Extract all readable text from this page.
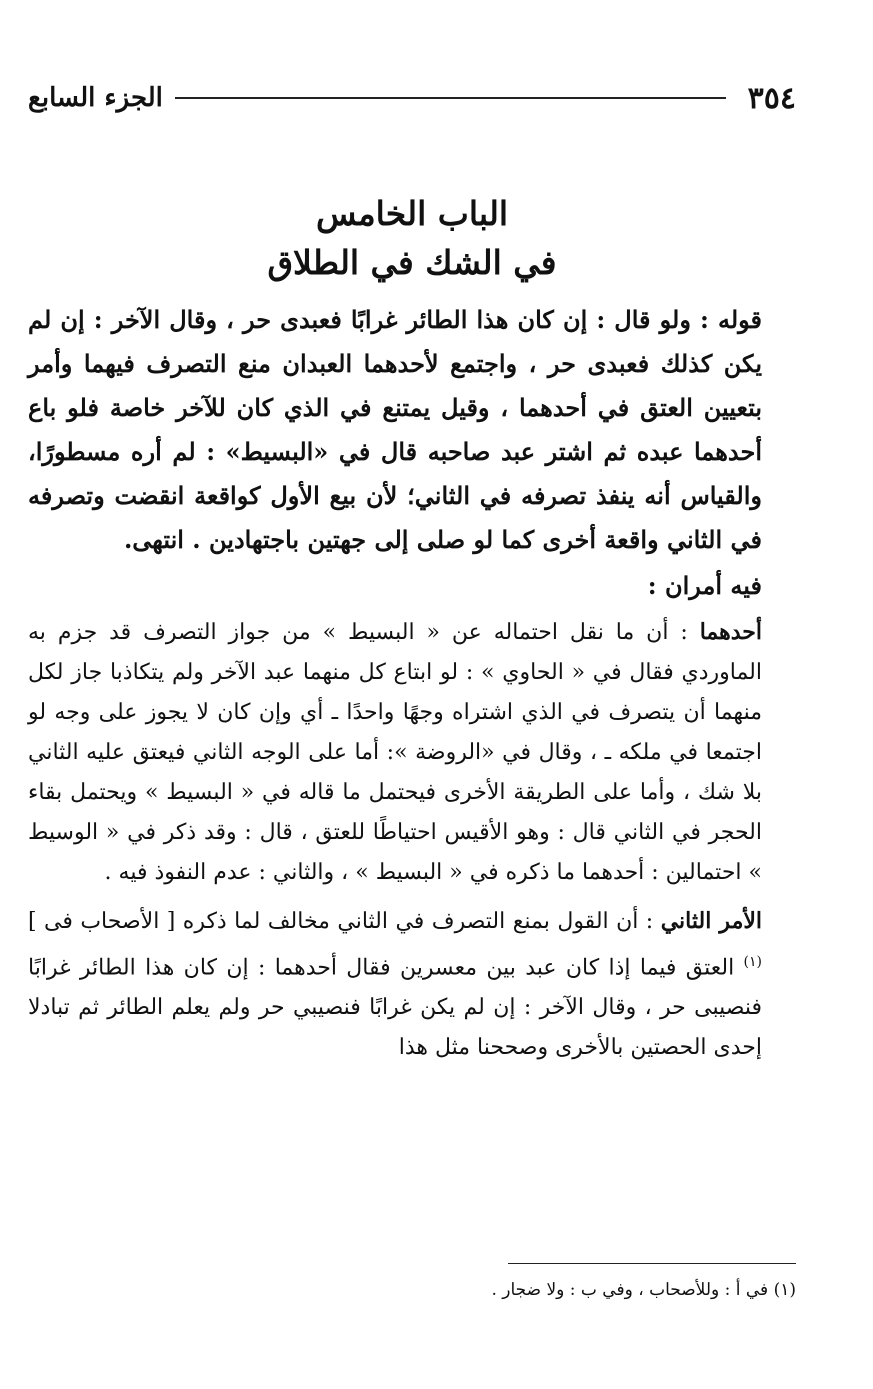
٣٥٤
الجزء السابع
الباب الخامس
في الشك في الطلاق

قوله : ولو قال : إن كان هذا الطائر غرابًا فعبدى حر ، وقال الآخر : إن لم يكن كذلك فعبدى حر ، واجتمع لأحدهما العبدان منع التصرف فيهما وأمر بتعيين العتق في أحدهما ، وقيل يمتنع في الذي كان للآخر خاصة فلو باع أحدهما عبده ثم اشتر عبد صاحبه قال في «البسيط» : لم أره مسطورًا، والقياس أنه ينفذ تصرفه في الثاني؛ لأن بيع الأول كواقعة انقضت وتصرفه في الثاني واقعة أخرى كما لو صلى إلى جهتين باجتهادين . انتهى.

فيه أمران :

أحدهما : أن ما نقل احتماله عن « البسيط » من جواز التصرف قد جزم به الماوردي فقال في « الحاوي » : لو ابتاع كل منهما عبد الآخر ولم يتكاذبا جاز لكل منهما أن يتصرف في الذي اشتراه وجهًا واحدًا ـ أي وإن كان لا يجوز على وجه لو اجتمعا في ملكه ـ ، وقال في «الروضة »: أما على الوجه الثاني فيعتق عليه الثاني بلا شك ، وأما على الطريقة الأخرى فيحتمل ما قاله في « البسيط » ويحتمل بقاء الحجر في الثاني قال : وهو الأقيس احتياطًا للعتق ، قال : وقد ذكر في « الوسيط » احتمالين : أحدهما ما ذكره في « البسيط » ، والثاني : عدم النفوذ فيه .

الأمر الثاني : أن القول بمنع التصرف في الثاني مخالف لما ذكره [ الأصحاب فى ] $^{(١)}$ العتق فيما إذا كان عبد بين معسرين فقال أحدهما : إن كان هذا الطائر غرابًا فنصيبى حر ، وقال الآخر : إن لم يكن غرابًا فنصيبي حر ولم يعلم الطائر ثم تبادلا إحدى الحصتين بالأخرى وصححنا مثل هذا

(١) في أ : وللأصحاب ، وفي ب : ولا ضجار .
